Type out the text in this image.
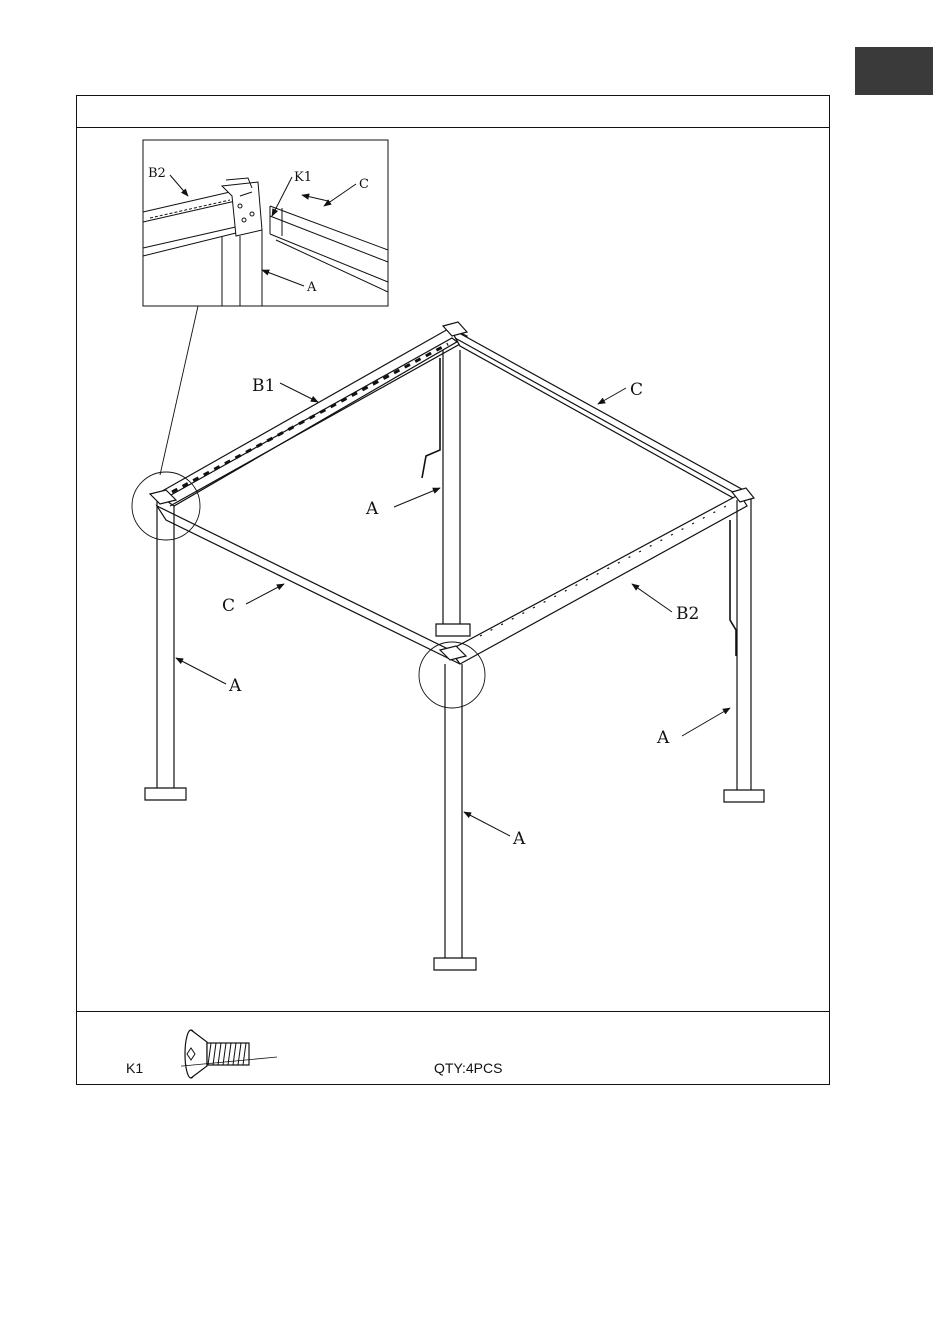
K1	QTY:4PCS
B2	K1	C
A
B1	C
A
C	B2
A
A
A
